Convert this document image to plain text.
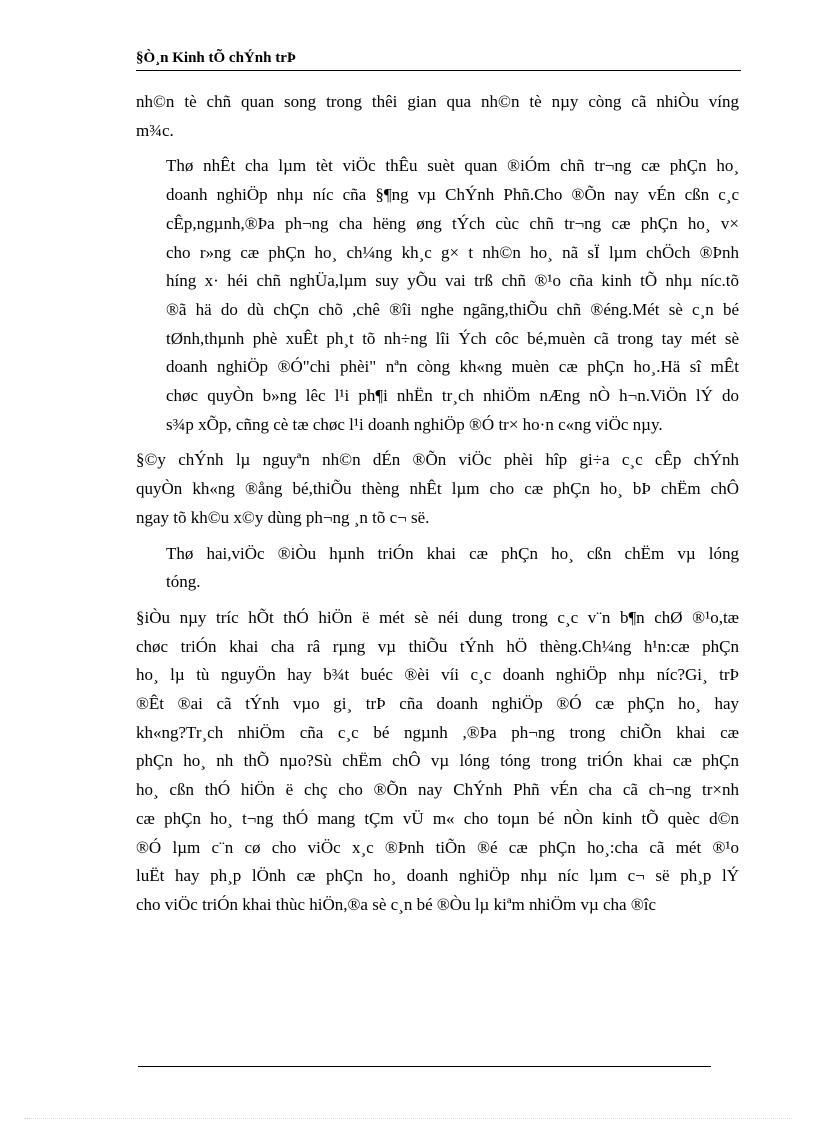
§Ò¸n Kinh tÕ chÝnh trÞ
nh©n tè chñ quan song trong thêi gian qua nh©n tè nµy còng cã nhiÒu víng
m¾c.
Thø nhÊt cha lµm tèt viÖc thÊu suèt quan ®iÓm chñ tr¬ng cæ phÇn ho¸
doanh nghiÖp nhµ níc cña §¶ng vµ ChÝnh Phñ.Cho ®Õn nay vÉn cßn c¸c
cÊp,ngµnh,®Þa ph¬ng cha hëng øng tÝch cùc chñ tr¬ng cæ phÇn ho¸ v×
cho r»ng cæ phÇn ho¸ ch¼ng kh¸c g× t nh©n ho¸ nã sÏ lµm chÖch ®Þnh
híng x· héi chñ nghÜa,lµm suy yÕu vai trß chñ ®¹o cña kinh tÕ nhµ níc.tõ
®ã hä do dù chÇn chõ ,chê ®îi nghe ngãng,thiÕu chñ ®éng.Mét sè c¸n bé
tØnh,thµnh phè xuÊt ph¸t tõ nh÷ng lîi Ých côc bé,muèn cã trong tay mét sè
doanh nghiÖp ®Ó"chi phèi" nªn còng kh«ng muèn cæ phÇn ho¸.Hä sî mÊt
chøc quyÒn b»ng lêc l¹i ph¶i nhËn tr¸ch nhiÖm nÆng nÒ h¬n.ViÖn lÝ do
s¾p xÕp, cñng cè tæ chøc l¹i doanh nghiÖp ®Ó tr× ho·n c«ng viÖc nµy.
§©y chÝnh lµ nguyªn nh©n dÉn ®Õn viÖc phèi hîp gi÷a c¸c cÊp chÝnh
quyÒn kh«ng ®ång bé,thiÕu thèng nhÊt lµm cho cæ phÇn ho¸ bÞ chËm chÔ
ngay tõ kh©u x©y dùng ph¬ng ¸n tõ c¬ së.
Thø hai,viÖc ®iÒu hµnh triÓn khai cæ phÇn ho¸ cßn chËm vµ lóng
tóng.
§iÒu nµy tríc hÕt thÓ hiÖn ë mét sè néi dung trong c¸c v¨n b¶n chØ ®¹o,tæ
chøc triÓn khai cha râ rµng vµ thiÕu tÝnh hÖ thèng.Ch¼ng h¹n:cæ phÇn
ho¸ lµ tù nguyÖn hay b¾t buéc ®èi víi c¸c doanh nghiÖp nhµ níc?Gi¸ trÞ
®Êt ®ai cã tÝnh vµo gi¸ trÞ cña doanh nghiÖp ®Ó cæ phÇn ho¸ hay
kh«ng?Tr¸ch nhiÖm cña c¸c bé ngµnh ,®Þa ph¬ng trong chiÕn khai cæ
phÇn ho¸ nh thÕ nµo?Sù chËm chÔ vµ lóng tóng trong triÓn khai cæ phÇn
ho¸ cßn thÓ hiÖn ë chç cho ®Õn nay ChÝnh Phñ vÉn cha cã ch¬ng tr×nh
cæ phÇn ho¸ t¬ng thÓ mang tÇm vÜ m« cho toµn bé nÒn kinh tÕ quèc d©n
®Ó lµm c¨n cø cho viÖc x¸c ®Þnh tiÕn ®é cæ phÇn ho¸:cha cã mét ®¹o
luËt hay ph¸p lÖnh cæ phÇn ho¸ doanh nghiÖp nhµ níc lµm c¬ së ph¸p lÝ
cho viÖc triÓn khai thùc hiÖn,®a sè c¸n bé ®Òu lµ kiªm nhiÖm vµ cha ®îc
